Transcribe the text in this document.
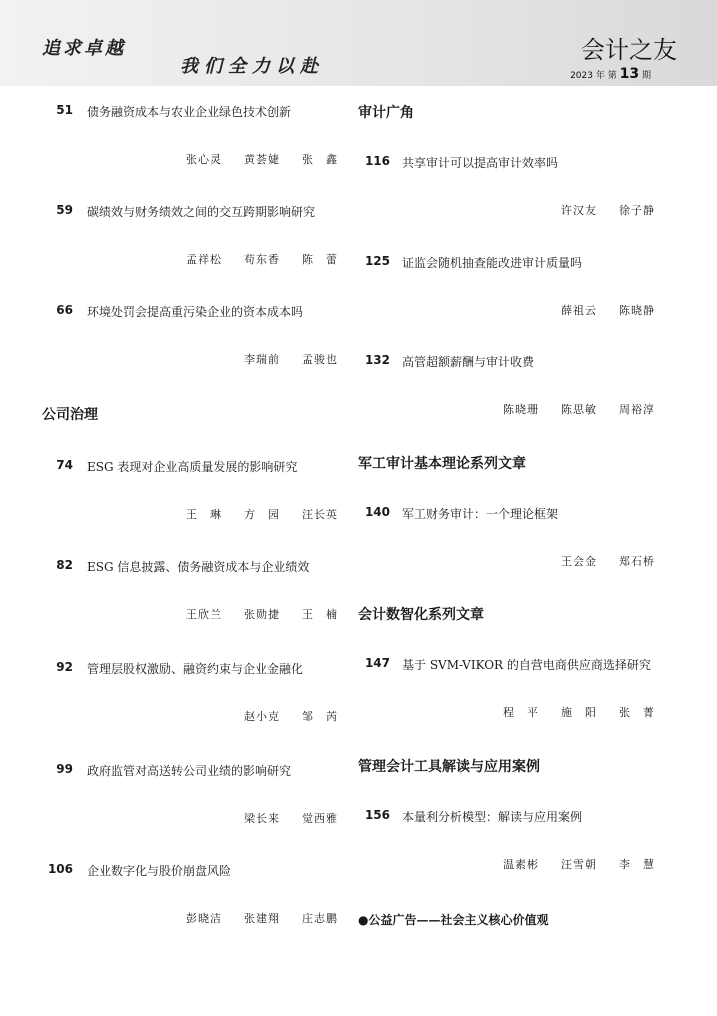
追求卓越
我们全力以赴
会计之友
2023 年 第 13 期
51 债务融资成本与农业企业绿色技术创新
张心灵 黄荟婕 张　鑫
59 碳绩效与财务绩效之间的交互跨期影响研究
孟祥松 苟东香 陈　蕾
66 环境处罚会提高重污染企业的资本成本吗
李瑞前 孟骏也
公司治理
74 ESG 表现对企业高质量发展的影响研究
王　琳 方　园 汪长英
82 ESG 信息披露、债务融资成本与企业绩效
王欣兰 张勋捷 王　楠
92 管理层股权激励、融资约束与企业金融化
赵小克 邹　芮
99 政府监管对高送转公司业绩的影响研究
梁长来 觉西雅
106 企业数字化与股价崩盘风险
彭晓洁 张建翔 庄志鹏
审计广角
116 共享审计可以提高审计效率吗
许汉友 徐子静
125 证监会随机抽查能改进审计质量吗
薛祖云 陈晓静
132 高管超额薪酬与审计收费
陈晓珊 陈思敏 周裕淳
军工审计基本理论系列文章
140 军工财务审计：一个理论框架
王会金 郑石桥
会计数智化系列文章
147 基于 SVM-VIKOR 的自营电商供应商选择研究
程　平 施　阳 张　菁
管理会计工具解读与应用案例
156 本量利分析模型：解读与应用案例
温素彬 汪雪朝 李　慧
●公益广告——社会主义核心价值观
